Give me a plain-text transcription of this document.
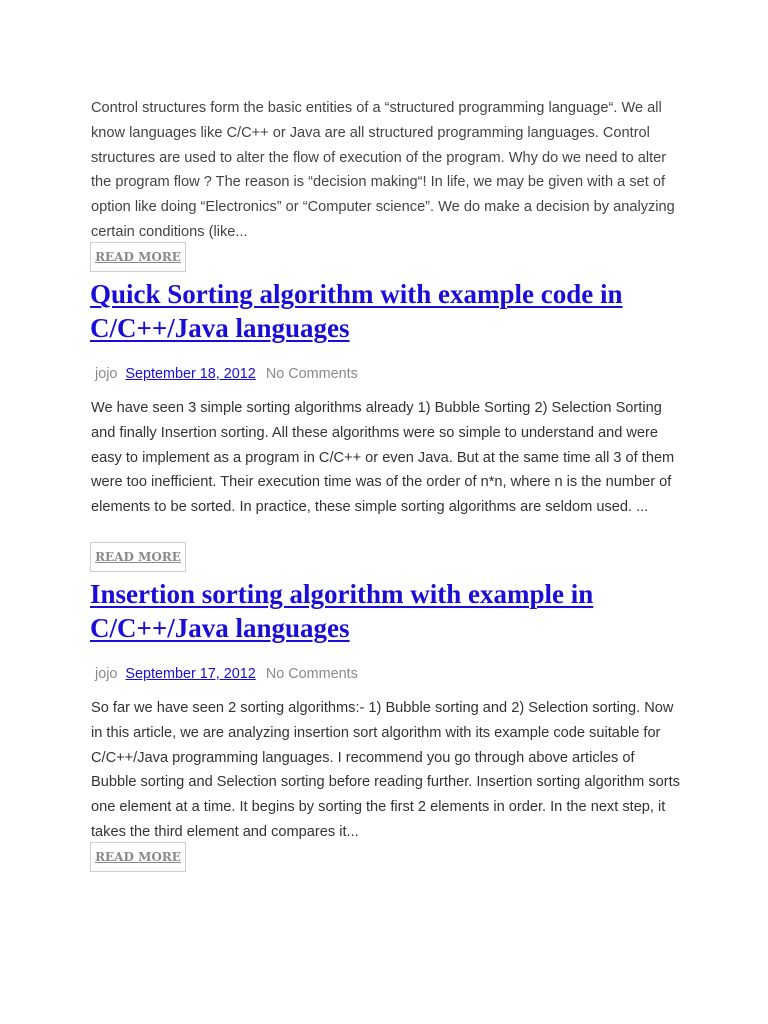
Control structures form the basic entities of a “structured programming language“. We all know languages like C/C++ or Java are all structured programming languages. Control structures are used to alter the flow of execution of the program. Why do we need to alter the program flow ? The reason is “decision making“! In life, we may be given with a set of option like doing “Electronics” or “Computer science”. We do make a decision by analyzing certain conditions (like...

READ MORE
Quick Sorting algorithm with example code in C/C++/Java languages
jojo September 18, 2012 No Comments

We have seen 3 simple sorting algorithms already 1) Bubble Sorting 2) Selection Sorting and finally Insertion sorting. All these algorithms were so simple to understand and were easy to implement as a program in C/C++ or even Java. But at the same time all 3 of them were too inefficient. Their execution time was of the order of n*n, where n is the number of elements to be sorted. In practice, these simple sorting algorithms are seldom used. ...

READ MORE
Insertion sorting algorithm with example in C/C++/Java languages
jojo September 17, 2012 No Comments

So far we have seen 2 sorting algorithms:- 1) Bubble sorting and 2) Selection sorting. Now in this article, we are analyzing insertion sort algorithm with its example code suitable for C/C++/Java programming languages. I recommend you go through above articles of Bubble sorting and Selection sorting before reading further. Insertion sorting algorithm sorts one element at a time. It begins by sorting the first 2 elements in order. In the next step, it takes the third element and compares it...

READ MORE
